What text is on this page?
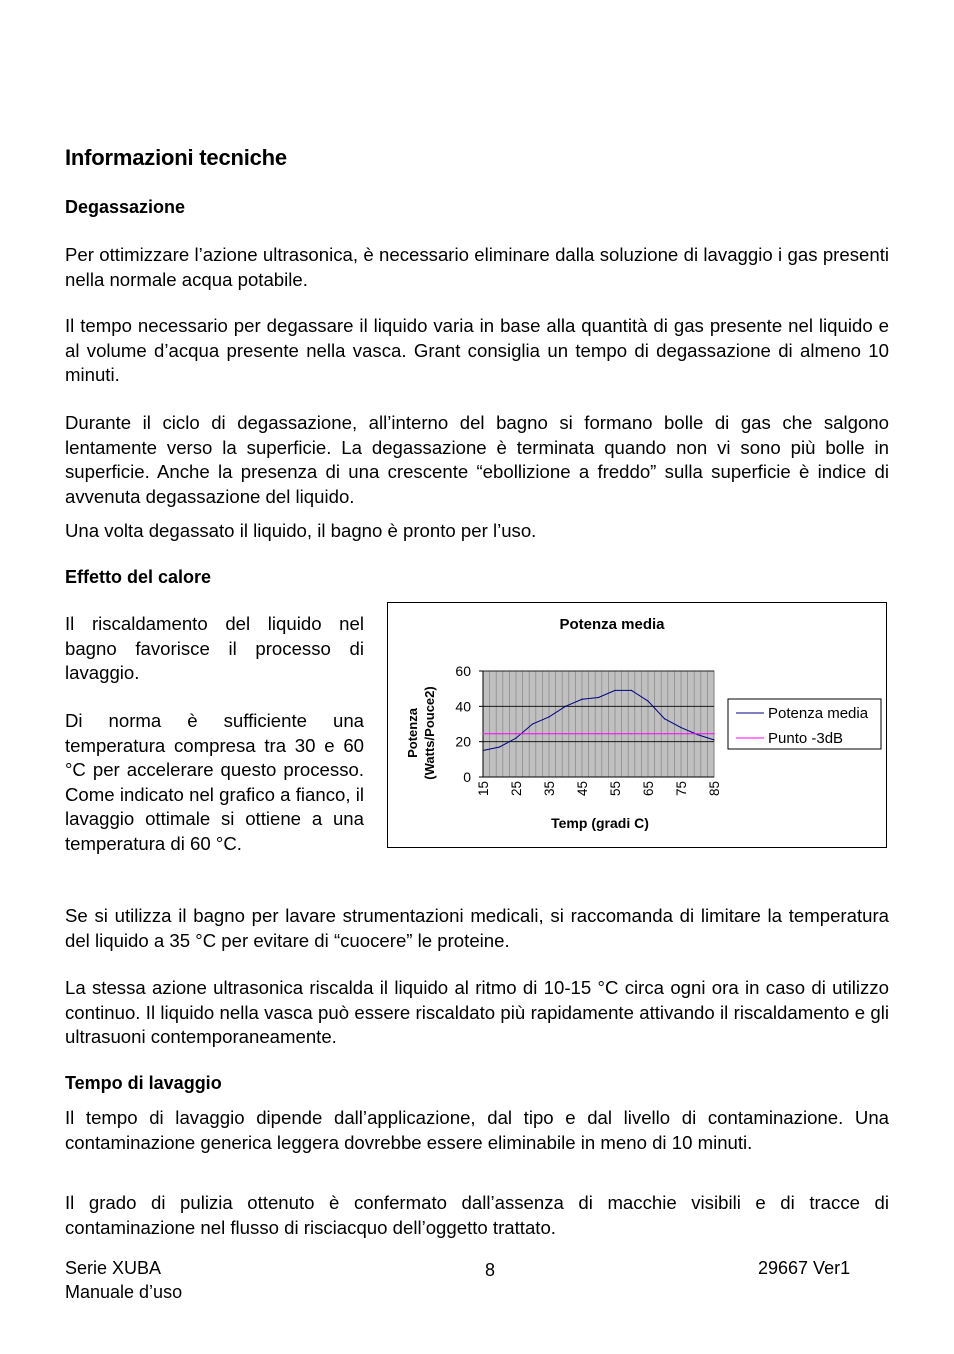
Informazioni tecniche
Degassazione

Per ottimizzare l’azione ultrasonica, è necessario eliminare dalla soluzione di lavaggio i gas presenti nella normale acqua potabile.

Il tempo necessario per degassare il liquido varia in base alla quantità di gas presente nel liquido e al volume d’acqua presente nella vasca. Grant consiglia un tempo di degassazione di almeno 10 minuti.

Durante il ciclo di degassazione, all’interno del bagno si formano bolle di gas che salgono lentamente verso la superficie. La degassazione è terminata quando non vi sono più bolle in superficie. Anche la presenza di una crescente “ebollizione a freddo” sulla superficie è indice di avvenuta degassazione del liquido.

Una volta degassato il liquido, il bagno è pronto per l’uso.

Effetto del calore

Il riscaldamento del liquido nel bagno favorisce il processo di lavaggio.

Di norma è sufficiente una temperatura compresa tra 30 e 60 °C per accelerare questo processo. Come indicato nel grafico a fianco, il lavaggio ottimale si ottiene a una temperatura di 60 °C.

Se si utilizza il bagno per lavare strumentazioni medicali, si raccomanda di limitare la temperatura del liquido a 35 °C per evitare di “cuocere” le proteine.

La stessa azione ultrasonica riscalda il liquido al ritmo di 10-15 °C circa ogni ora in caso di utilizzo continuo. Il liquido nella vasca può essere riscaldato più rapidamente attivando il riscaldamento e gli ultrasuoni contemporaneamente.

Tempo di lavaggio

Il tempo di lavaggio dipende dall’applicazione, dal tipo e dal livello di contaminazione. Una contaminazione generica leggera dovrebbe essere eliminabile in meno di 10 minuti.

Il grado di pulizia ottenuto è confermato dall’assenza di macchie visibili e di tracce di contaminazione nel flusso di risciacquo dell’oggetto trattato.

Potenza media
0
20
40
60
15 25 35 45 55 65 75 85
Potenza (Watts/Pouce2)
Temp (gradi C)
Potenza media
Punto -3dB
Serie XUBA
Manuale d’uso
8	29667 Ver1
